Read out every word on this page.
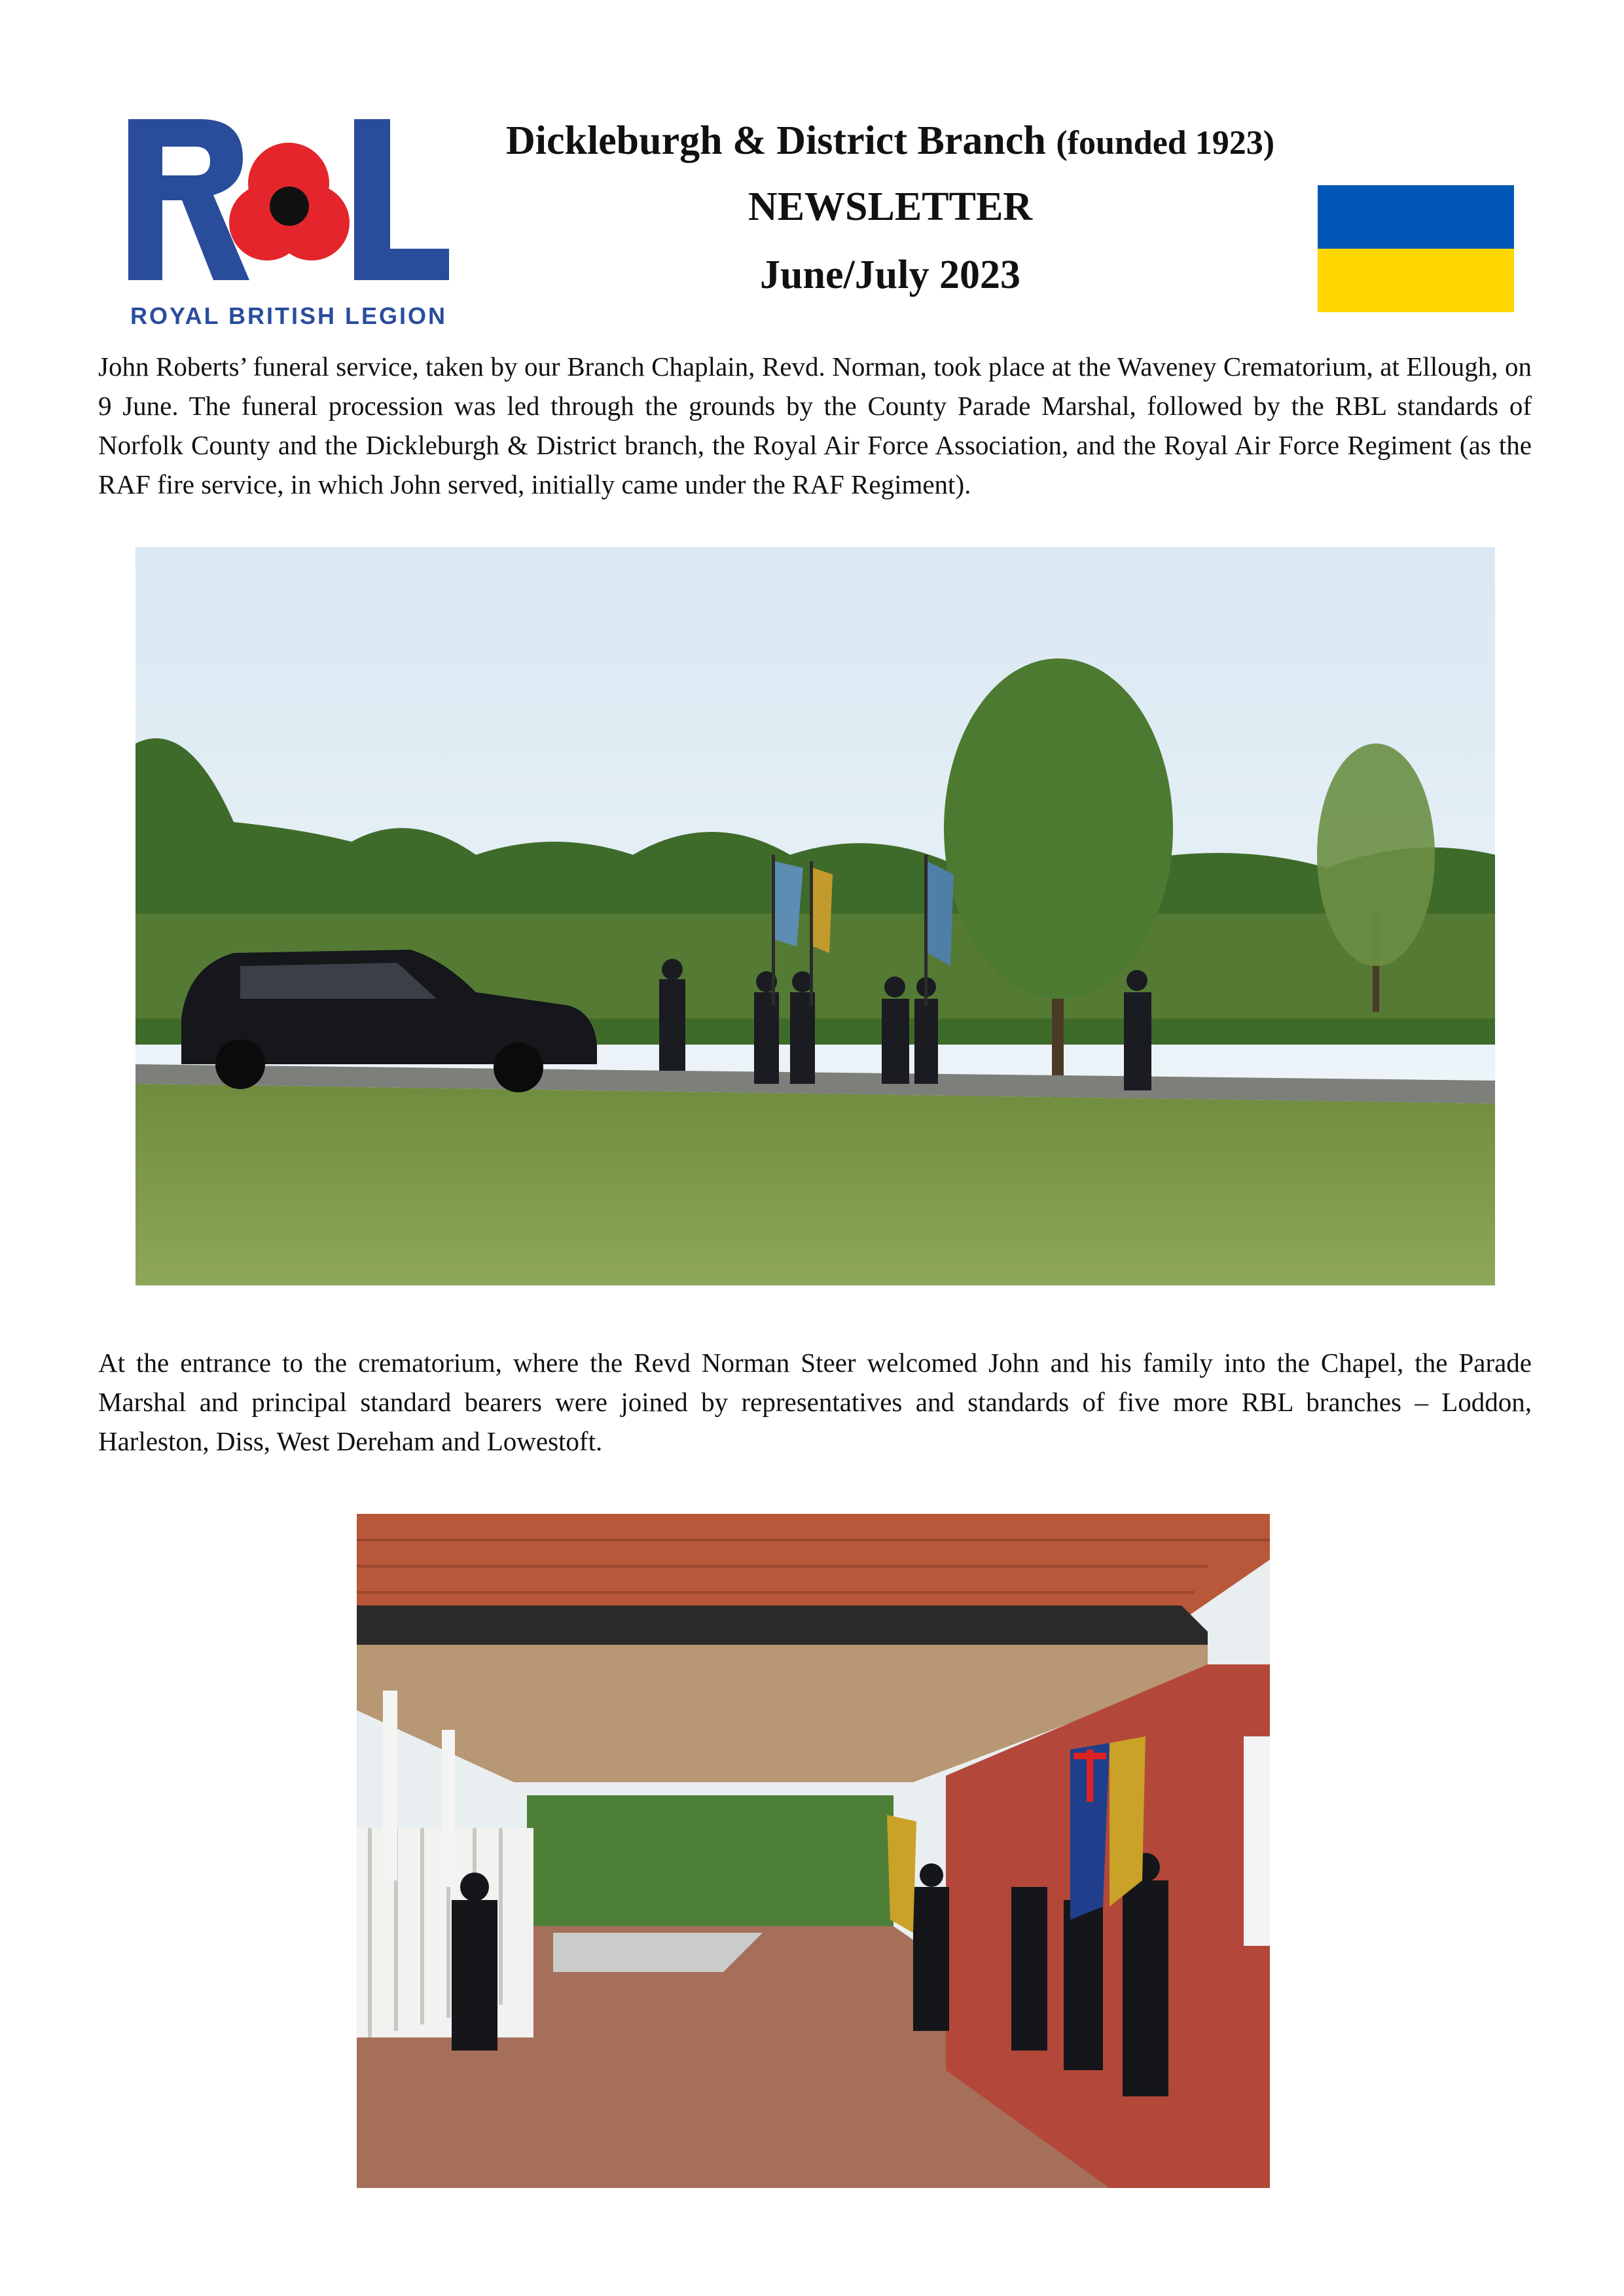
ROYAL BRITISH LEGION
Dickleburgh & District Branch (founded 1923)
NEWSLETTER
June/July 2023
John Roberts’ funeral service, taken by our Branch Chaplain, Revd. Norman, took place at the Waveney Crematorium, at Ellough, on 9 June. The funeral procession was led through the grounds by the County Parade Marshal, followed by the RBL standards of Norfolk County and the Dickleburgh & District branch, the Royal Air Force Association, and the Royal Air Force Regiment (as the RAF fire service, in which John served, initially came under the RAF Regiment).
At the entrance to the crematorium, where the Revd Norman Steer welcomed John and his family into the Chapel, the Parade Marshal and principal standard bearers were joined by representatives and standards of five more RBL branches – Loddon, Harleston, Diss, West Dereham and Lowestoft.
